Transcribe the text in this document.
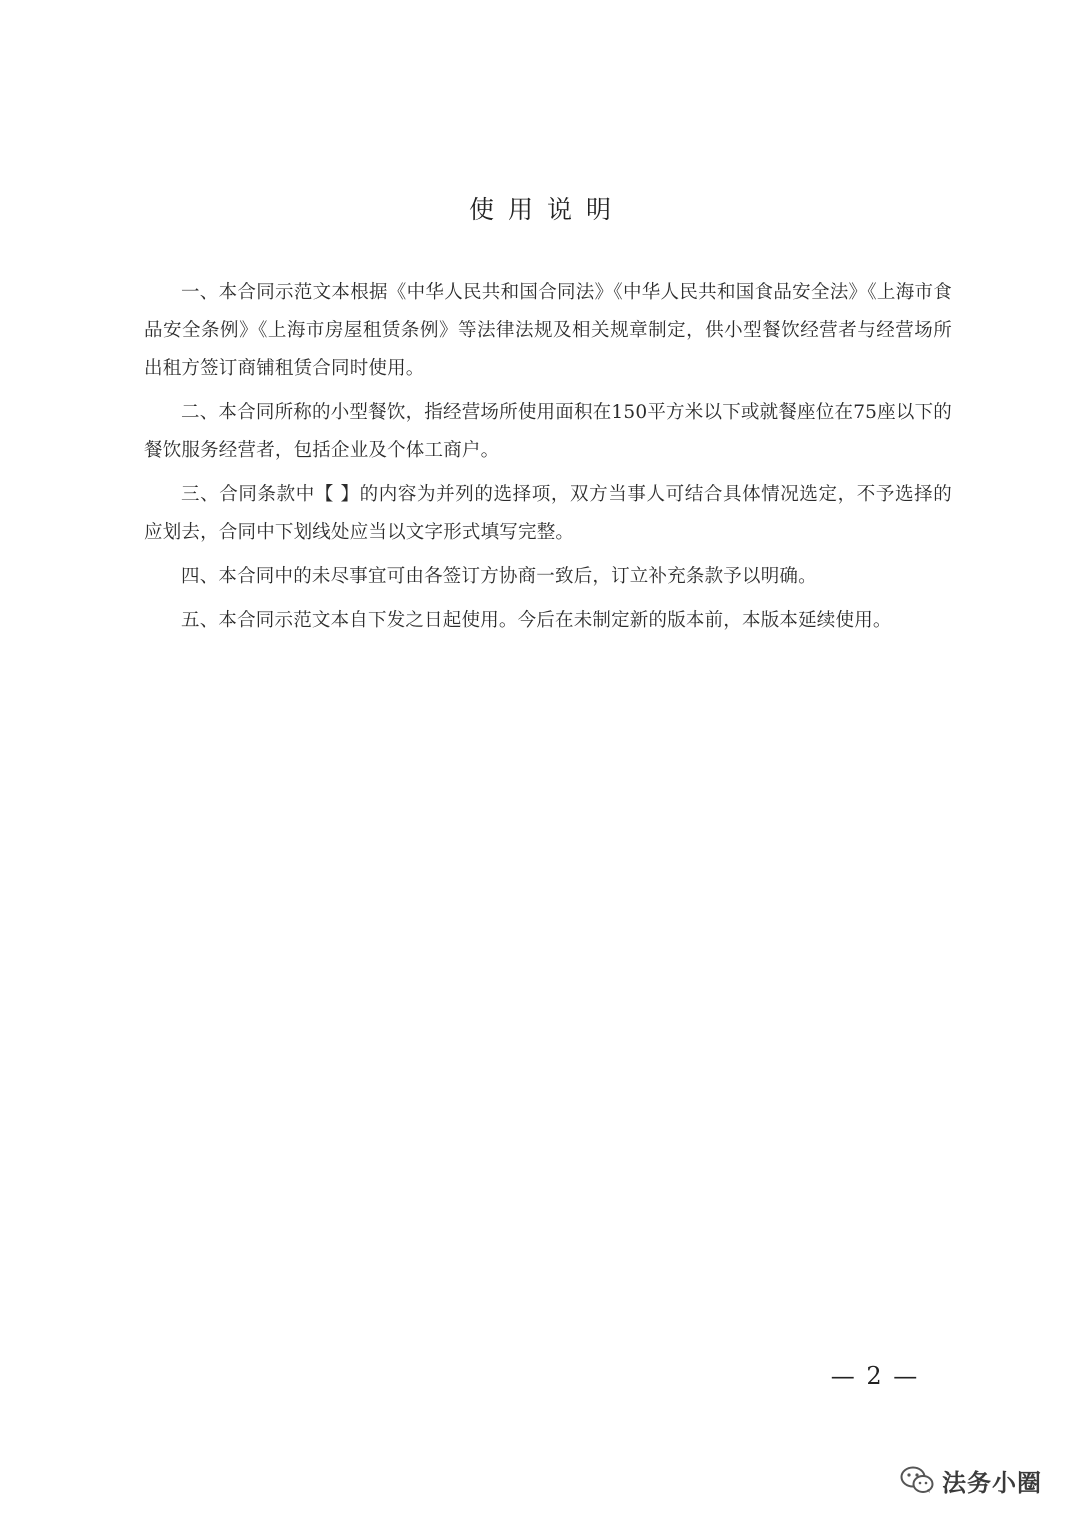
使用说明

一、本合同示范文本根据《中华人民共和国合同法》《中华人民共和国食品安全法》《上海市食品安全条例》《上海市房屋租赁条例》等法律法规及相关规章制定，供小型餐饮经营者与经营场所出租方签订商铺租赁合同时使用。

二、本合同所称的小型餐饮，指经营场所使用面积在150平方米以下或就餐座位在75座以下的餐饮服务经营者，包括企业及个体工商户。

三、合同条款中【 】的内容为并列的选择项，双方当事人可结合具体情况选定，不予选择的应划去，合同中下划线处应当以文字形式填写完整。

四、本合同中的未尽事宜可由各签订方协商一致后，订立补充条款予以明确。

五、本合同示范文本自下发之日起使用。今后在未制定新的版本前，本版本延续使用。

— 2 —
法务小圈
